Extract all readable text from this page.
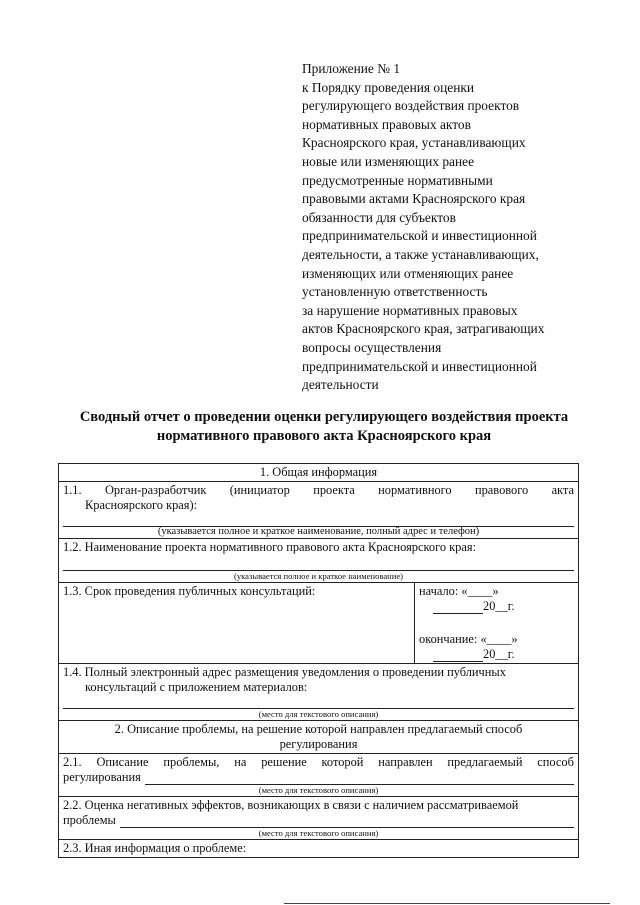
Приложение № 1
к Порядку проведения оценки
регулирующего воздействия проектов
нормативных правовых актов
Красноярского края, устанавливающих
новые или изменяющих ранее
предусмотренные нормативными
правовыми актами Красноярского края
обязанности для субъектов
предпринимательской и инвестиционной
деятельности, а также устанавливающих,
изменяющих или отменяющих ранее
установленную ответственность
за нарушение нормативных правовых
актов Красноярского края, затрагивающих
вопросы осуществления
предпринимательской и инвестиционной
деятельности
Сводный отчет о проведении оценки регулирующего воздействия проекта
нормативного правового акта Красноярского края
1. Общая информация

1.1. Орган-разработчик (инициатор проекта нормативного правового акта
Красноярского края):
(указывается полное и краткое наименование, полный адрес и телефон)

1.2. Наименование проекта нормативного правового акта Красноярского края:
(указывается полное и краткое наименование)

1.3. Срок проведения публичных консультаций:	начало: «____»
20__г.
окончание: «____»
20__г.

1.4. Полный электронный адрес размещения уведомления о проведении публичных
консультаций с приложением материалов:
(место для текстового описания)

2. Описание проблемы, на решение которой направлен предлагаемый способ
регулирования

2.1. Описание проблемы, на решение которой направлен предлагаемый способ
регулирования
(место для текстового описания)

2.2. Оценка негативных эффектов, возникающих в связи с наличием рассматриваемой
проблемы
(место для текстового описания)

2.3. Иная информация о проблеме:
